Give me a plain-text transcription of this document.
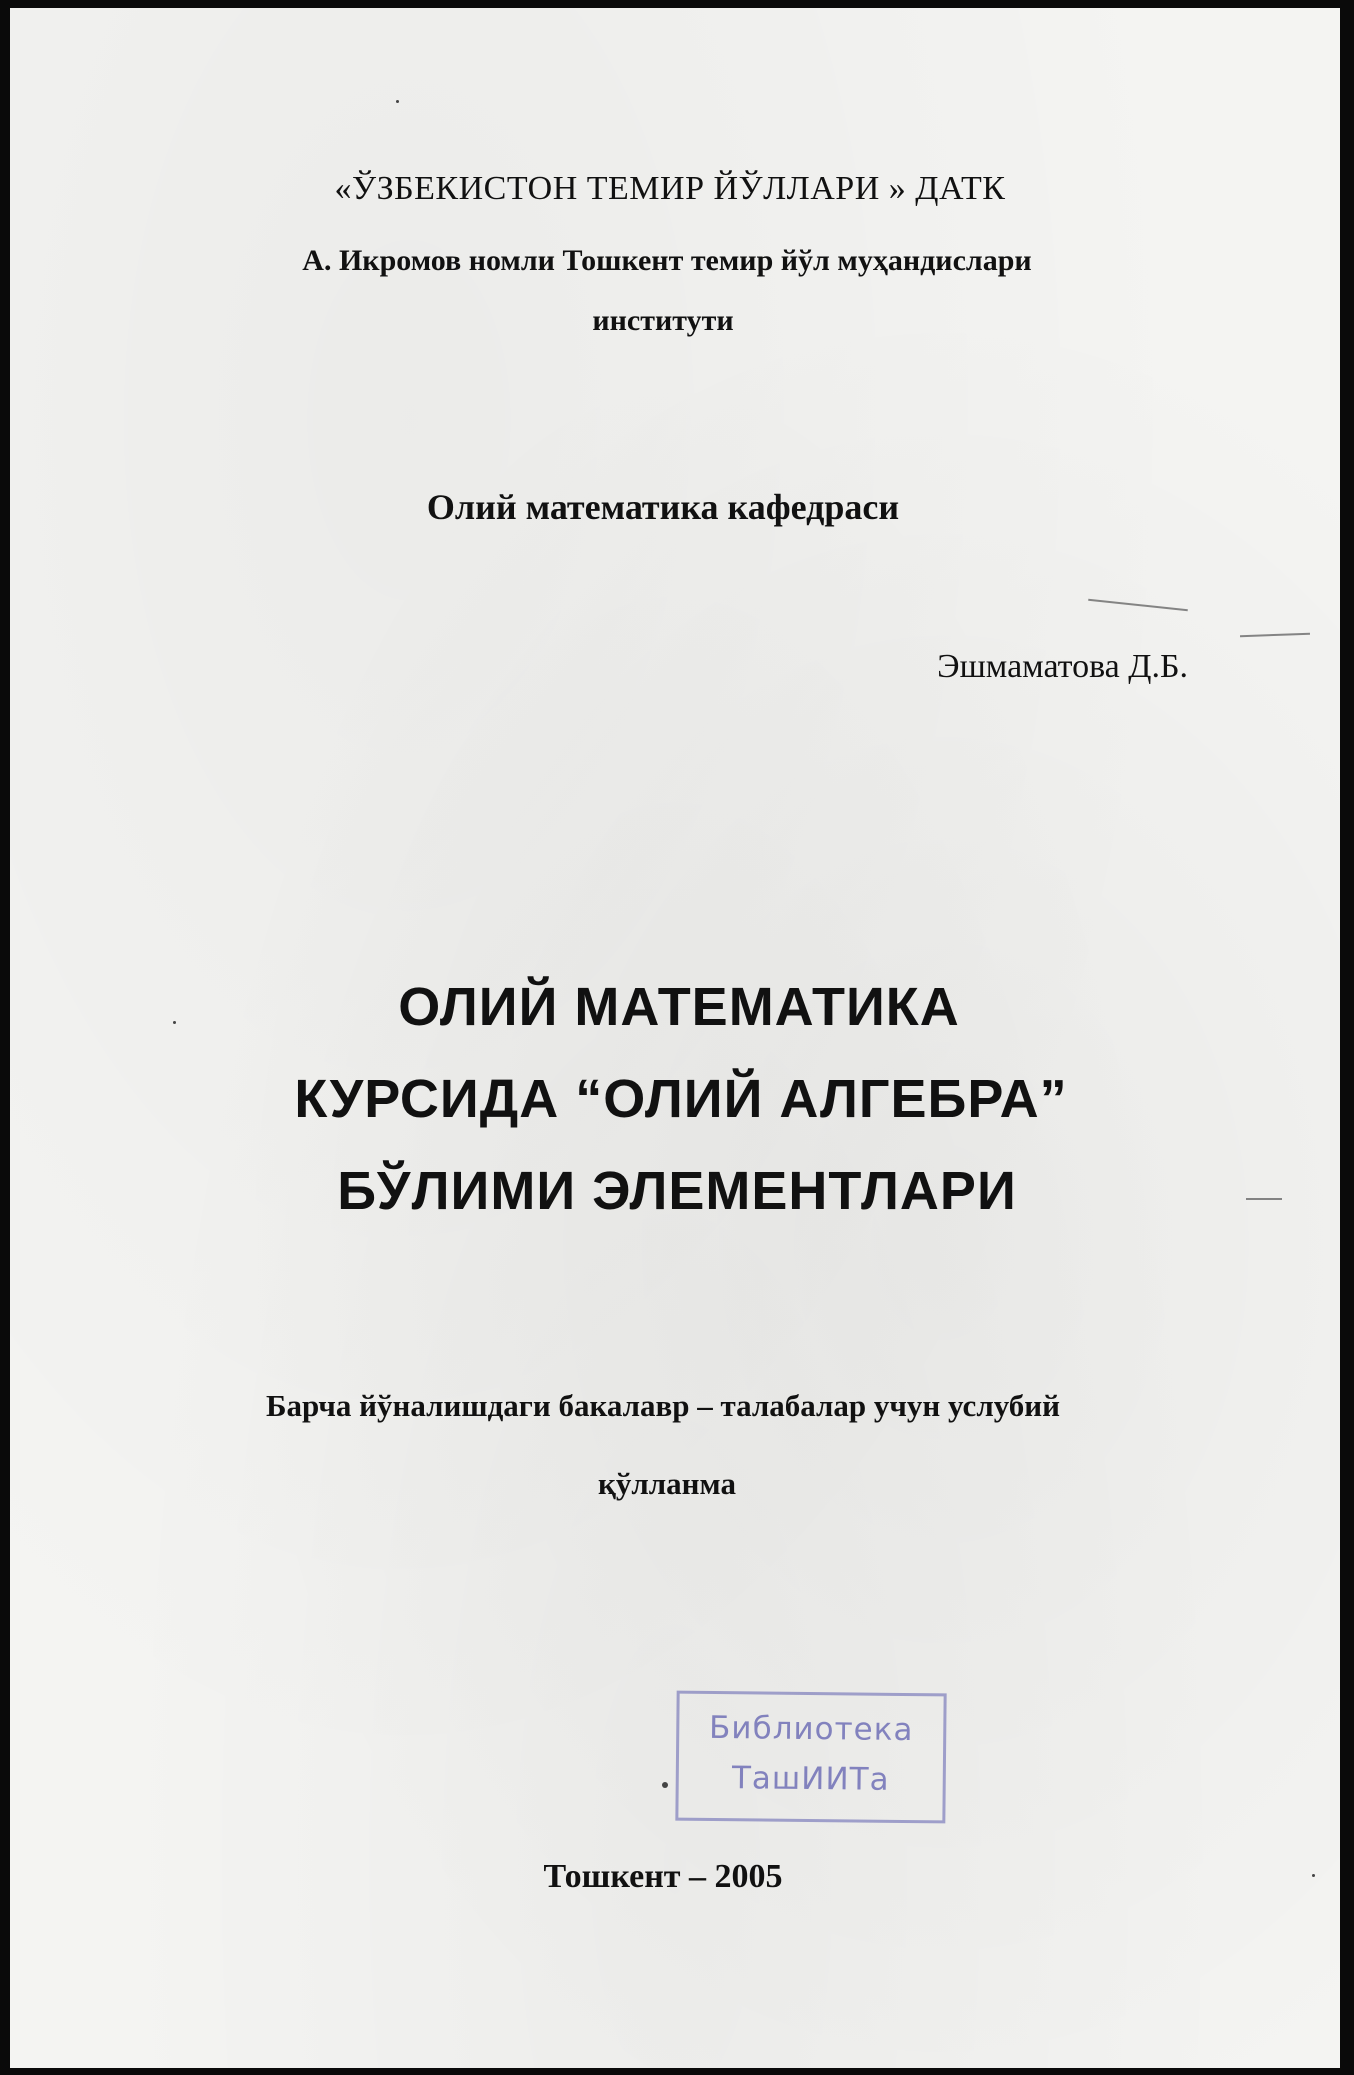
«ЎЗБЕКИСТОН ТЕМИР ЙЎЛЛАРИ » ДАТК
А. Икромов номли Тошкент темир йўл муҳандислари
институти
Олий математика кафедраси
Эшмаматова Д.Б.
ОЛИЙ МАТЕМАТИКА
КУРСИДА “ОЛИЙ АЛГЕБРА”
БЎЛИМИ ЭЛЕМЕНТЛАРИ
Барча йўналишдаги бакалавр – талабалар учун услубий
қўлланма
Библиотека
ТашИИТа
Тошкент – 2005
